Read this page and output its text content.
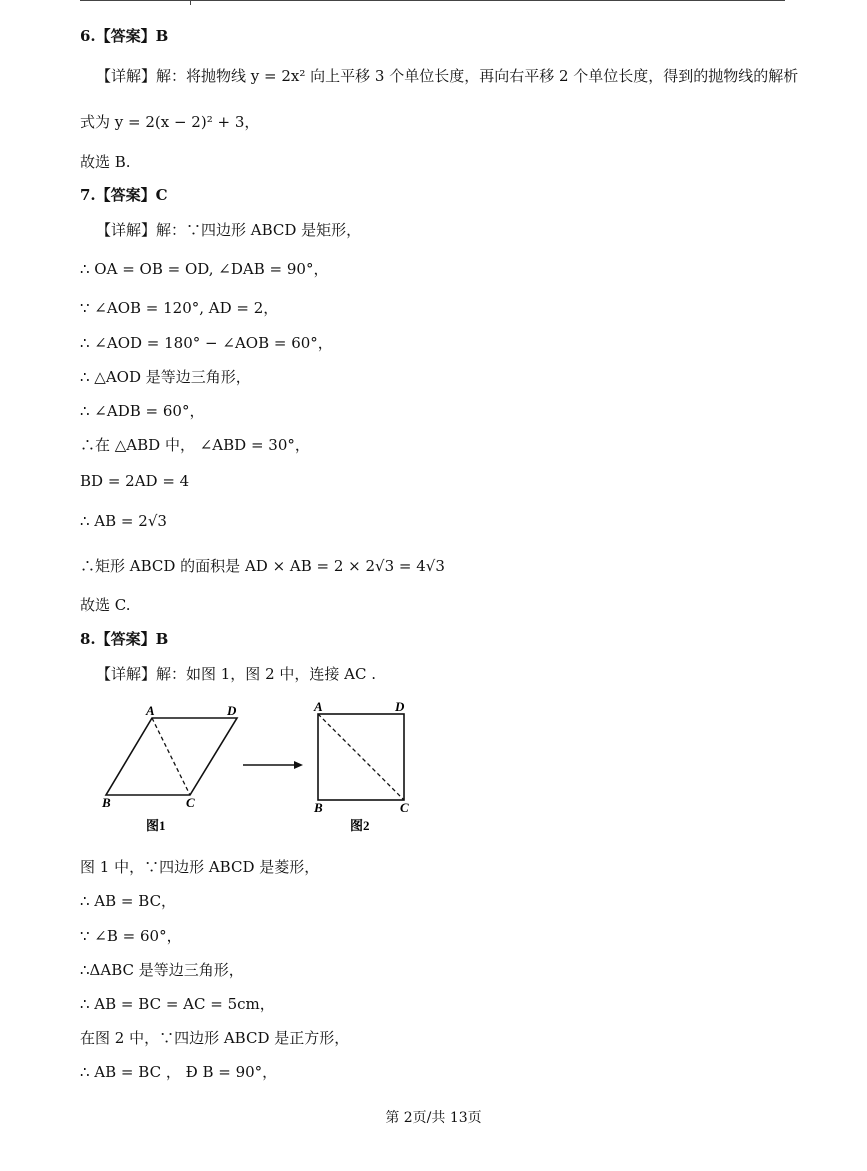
6.【答案】B
【详解】解：将抛物线 y = 2x² 向上平移 3 个单位长度，再向右平移 2 个单位长度，得到的抛物线的解析
式为 y = 2(x − 2)² + 3，
故选 B.
7.【答案】C
【详解】解：∵四边形 ABCD 是矩形，
∴ OA = OB = OD, ∠DAB = 90°，
∵ ∠AOB = 120°, AD = 2，
∴ ∠AOD = 180° − ∠AOB = 60°，
∴ △AOD 是等边三角形，
∴ ∠ADB = 60°，
∴在 △ABD 中， ∠ABD = 30°，
BD = 2AD = 4
∴ AB = 2√3
∴矩形 ABCD 的面积是 AD × AB = 2 × 2√3 = 4√3
故选 C.
8.【答案】B
【详解】解：如图 1，图 2 中，连接 AC .
A	D
B	C
图1
A	D
B	C
图2
图 1 中，∵四边形 ABCD 是菱形，
∴ AB = BC，
∵ ∠B = 60°，
∴ΔABC 是等边三角形，
∴ AB = BC = AC = 5cm，
在图 2 中，∵四边形 ABCD 是正方形，
∴ AB = BC ， Ð B = 90°，
第 2页/共 13页
